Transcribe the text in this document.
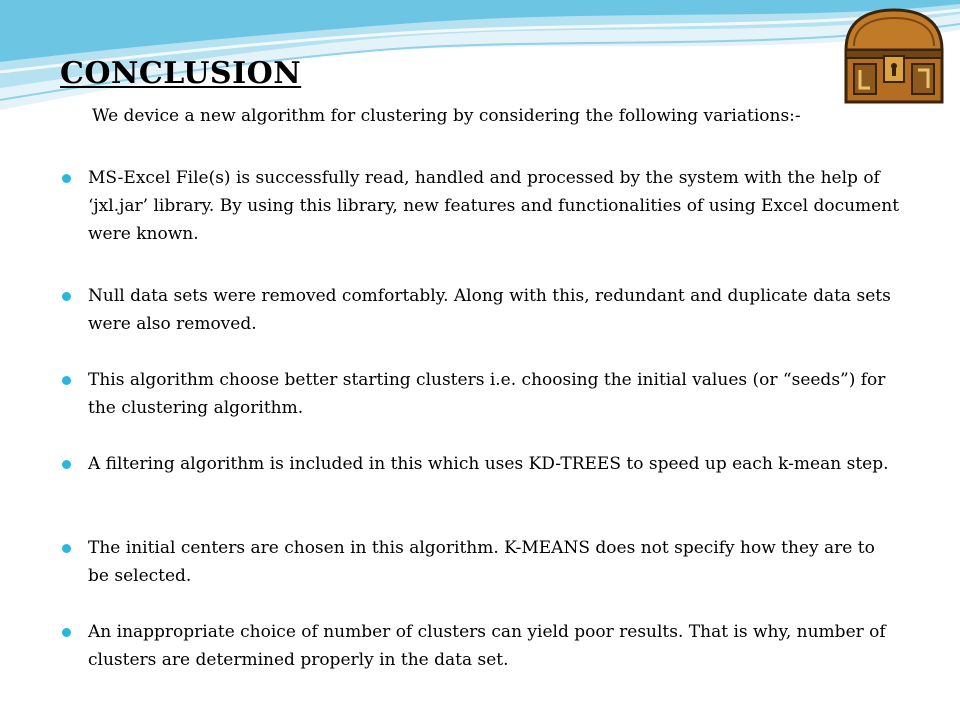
CONCLUSION

We device a new algorithm for clustering by considering the following variations:-

MS-Excel File(s) is successfully read, handled and processed by the system with the help of ‘jxl.jar’ library. By using this library, new features and functionalities of using Excel document were known.
Null data sets were removed comfortably. Along with this, redundant and duplicate data sets were also removed.
This algorithm choose better starting clusters i.e. choosing the initial values (or “seeds”) for the clustering algorithm.
A filtering algorithm is included in this which uses KD-TREES to speed up each k-mean step.
The initial centers are chosen in this algorithm. K-MEANS does not specify how they are to be selected.
An inappropriate choice of number of clusters can yield poor results. That is why, number of clusters are determined properly in the data set.
